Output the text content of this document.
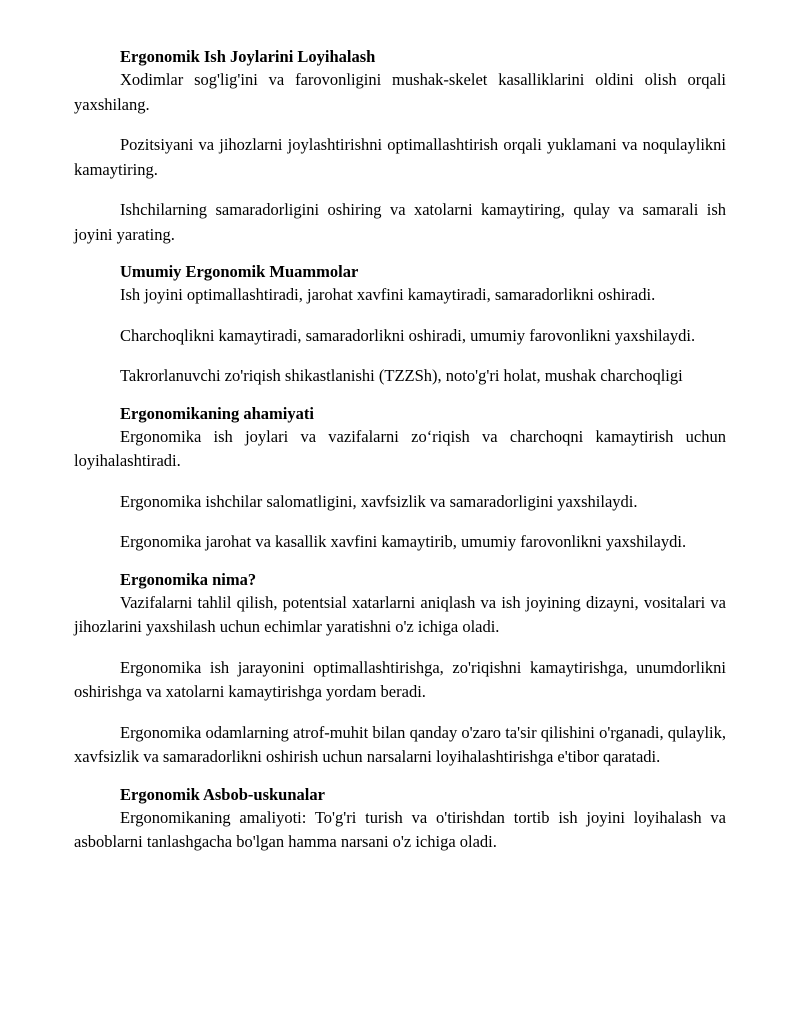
Ergonomik Ish Joylarini Loyihalash

Xodimlar sog'lig'ini va farovonligini mushak-skelet kasalliklarini oldini olish orqali yaxshilang.

Pozitsiyani va jihozlarni joylashtirishni optimallashtirish orqali yuklamani va noqulaylikni kamaytiring.

Ishchilarning samaradorligini oshiring va xatolarni kamaytiring, qulay va samarali ish joyini yarating.

Umumiy Ergonomik Muammolar

Ish joyini optimallashtiradi, jarohat xavfini kamaytiradi, samaradorlikni oshiradi.

Charchoqlikni kamaytiradi, samaradorlikni oshiradi, umumiy farovonlikni yaxshilaydi.

Takrorlanuvchi zo'riqish shikastlanishi (TZZSh), noto'g'ri holat, mushak charchoqligi

Ergonomikaning ahamiyati

Ergonomika ish joylari va vazifalarni zo‘riqish va charchoqni kamaytirish uchun loyihalashtiradi.

Ergonomika ishchilar salomatligini, xavfsizlik va samaradorligini yaxshilaydi.

Ergonomika jarohat va kasallik xavfini kamaytirib, umumiy farovonlikni yaxshilaydi.

Ergonomika nima?

Vazifalarni tahlil qilish, potentsial xatarlarni aniqlash va ish joyining dizayni, vositalari va jihozlarini yaxshilash uchun echimlar yaratishni o'z ichiga oladi.

Ergonomika ish jarayonini optimallashtirishga, zo'riqishni kamaytirishga, unumdorlikni oshirishga va xatolarni kamaytirishga yordam beradi.

Ergonomika odamlarning atrof-muhit bilan qanday o'zaro ta'sir qilishini o'rganadi, qulaylik, xavfsizlik va samaradorlikni oshirish uchun narsalarni loyihalashtirishga e'tibor qaratadi.

Ergonomik Asbob-uskunalar

Ergonomikaning amaliyoti: To'g'ri turish va o'tirishdan tortib ish joyini loyihalash va asboblarni tanlashgacha bo'lgan hamma narsani o'z ichiga oladi.
